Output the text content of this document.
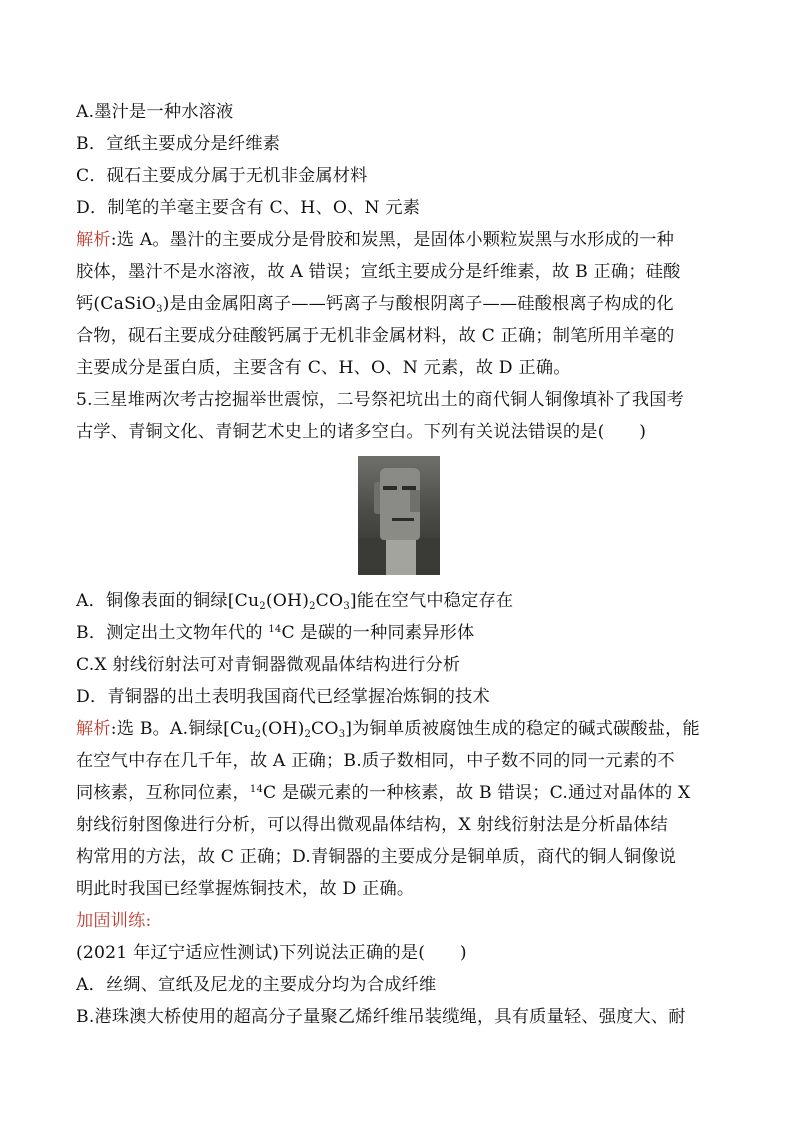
A.墨汁是一种水溶液
B．宣纸主要成分是纤维素
C．砚石主要成分属于无机非金属材料
D．制笔的羊毫主要含有 C、H、O、N 元素
解析:选 A。墨汁的主要成分是骨胶和炭黑，是固体小颗粒炭黑与水形成的一种
胶体，墨汁不是水溶液，故 A 错误；宣纸主要成分是纤维素，故 B 正确；硅酸
钙(CaSiO$_3$)是由金属阳离子——钙离子与酸根阴离子——硅酸根离子构成的化
合物，砚石主要成分硅酸钙属于无机非金属材料，故 C 正确；制笔所用羊毫的
主要成分是蛋白质，主要含有 C、H、O、N 元素，故 D 正确。
5.三星堆两次考古挖掘举世震惊，二号祭祀坑出土的商代铜人铜像填补了我国考
古学、青铜文化、青铜艺术史上的诸多空白。下列有关说法错误的是(　　)
A．铜像表面的铜绿$[Cu_2(OH)_2CO_3]$能在空气中稳定存在
B．测定出土文物年代的 $^{14}$C 是碳的一种同素异形体
C.X 射线衍射法可对青铜器微观晶体结构进行分析
D．青铜器的出土表明我国商代已经掌握冶炼铜的技术
解析:选 B。A.铜绿$[Cu_2(OH)_2CO_3]$为铜单质被腐蚀生成的稳定的碱式碳酸盐，能
在空气中存在几千年，故 A 正确；B.质子数相同，中子数不同的同一元素的不
同核素，互称同位素，$^{14}$C 是碳元素的一种核素，故 B 错误；C.通过对晶体的 X
射线衍射图像进行分析，可以得出微观晶体结构，X 射线衍射法是分析晶体结
构常用的方法，故 C 正确；D.青铜器的主要成分是铜单质，商代的铜人铜像说
明此时我国已经掌握炼铜技术，故 D 正确。
加固训练:
(2021 年辽宁适应性测试)下列说法正确的是(　　)
A．丝绸、宣纸及尼龙的主要成分均为合成纤维
B.港珠澳大桥使用的超高分子量聚乙烯纤维吊装缆绳，具有质量轻、强度大、耐
